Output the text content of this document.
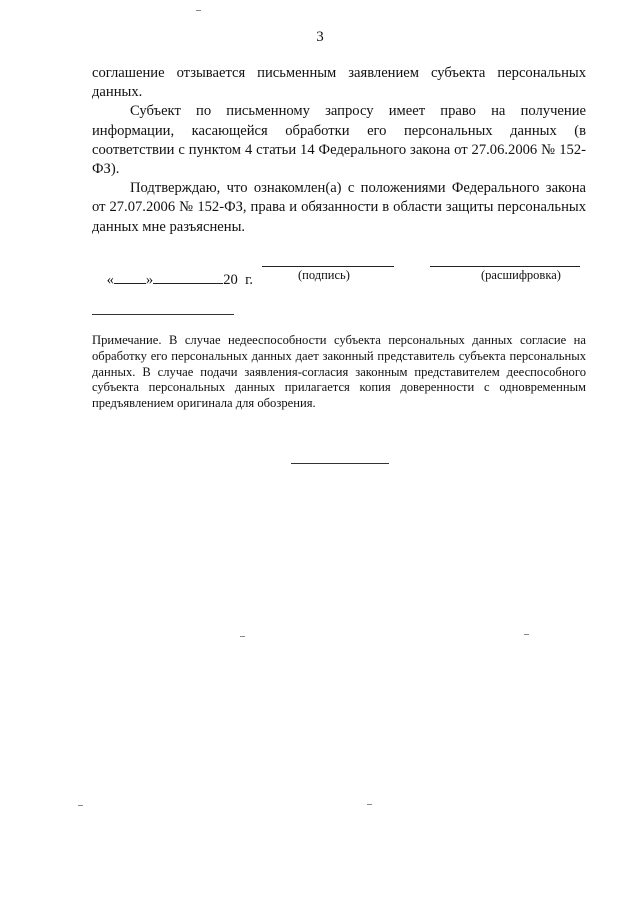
3

соглашение отзывается письменным заявлением субъекта персональных данных.

Субъект по письменному запросу имеет право на получение информации, касающейся обработки его персональных данных (в соответствии с пунктом 4 статьи 14 Федерального закона от 27.06.2006 № 152-ФЗ).

Подтверждаю, что ознакомлен(а) с положениями Федерального закона от 27.07.2006 № 152-ФЗ, права и обязанности в области защиты персональных данных мне разъяснены.

« »	20 г.
	(подпись)	(расшифровка)

Примечание. В случае недееспособности субъекта персональных данных согласие на обработку его персональных данных дает законный представитель субъекта персональных данных. В случае подачи заявления-согласия законным представителем дееспособного субъекта персональных данных прилагается копия доверенности с одновременным предъявлением оригинала для обозрения.
